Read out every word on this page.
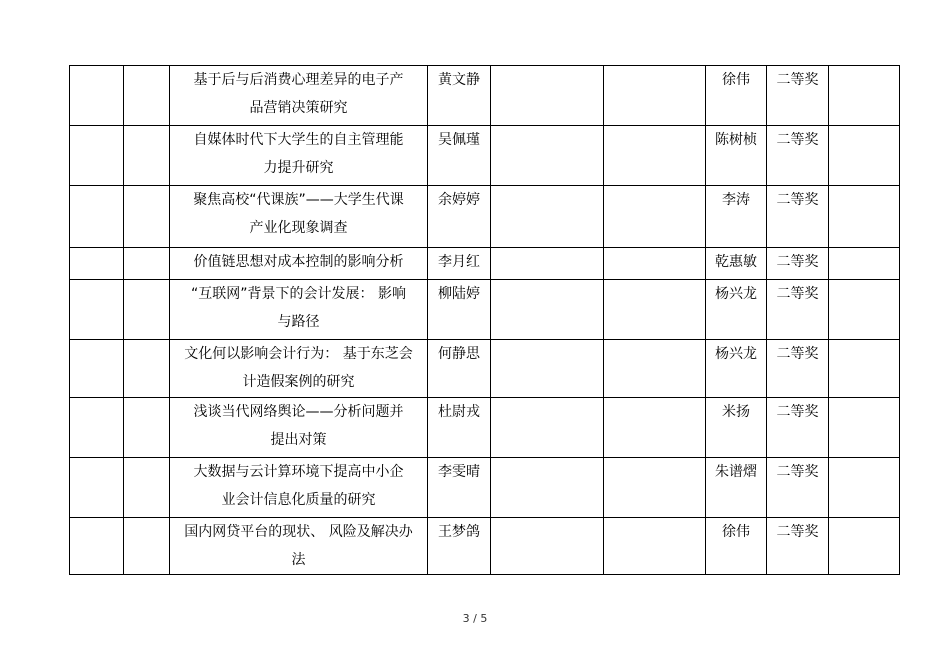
		基于后与后消费心理差异的电子产
品营销决策研究	黄文静			徐伟	二等奖	

		自媒体时代下大学生的自主管理能
力提升研究	吴佩瑾			陈树桢	二等奖	

		聚焦高校“代课族”——大学生代课
产业化现象调查	余婷婷			李涛	二等奖	

		价值链思想对成本控制的影响分析	李月红			乾惠敏	二等奖	

		“互联网”背景下的会计发展： 影响
与路径	柳陆婷			杨兴龙	二等奖	

		文化何以影响会计行为： 基于东芝会
计造假案例的研究	何静思			杨兴龙	二等奖	

		浅谈当代网络舆论——分析问题并
提出对策	杜尉戎			米扬	二等奖	

		大数据与云计算环境下提高中小企
业会计信息化质量的研究	李雯晴			朱谱熠	二等奖	

		国内网贷平台的现状、 风险及解决办
法	王梦鸽			徐伟	二等奖	
3 / 5
